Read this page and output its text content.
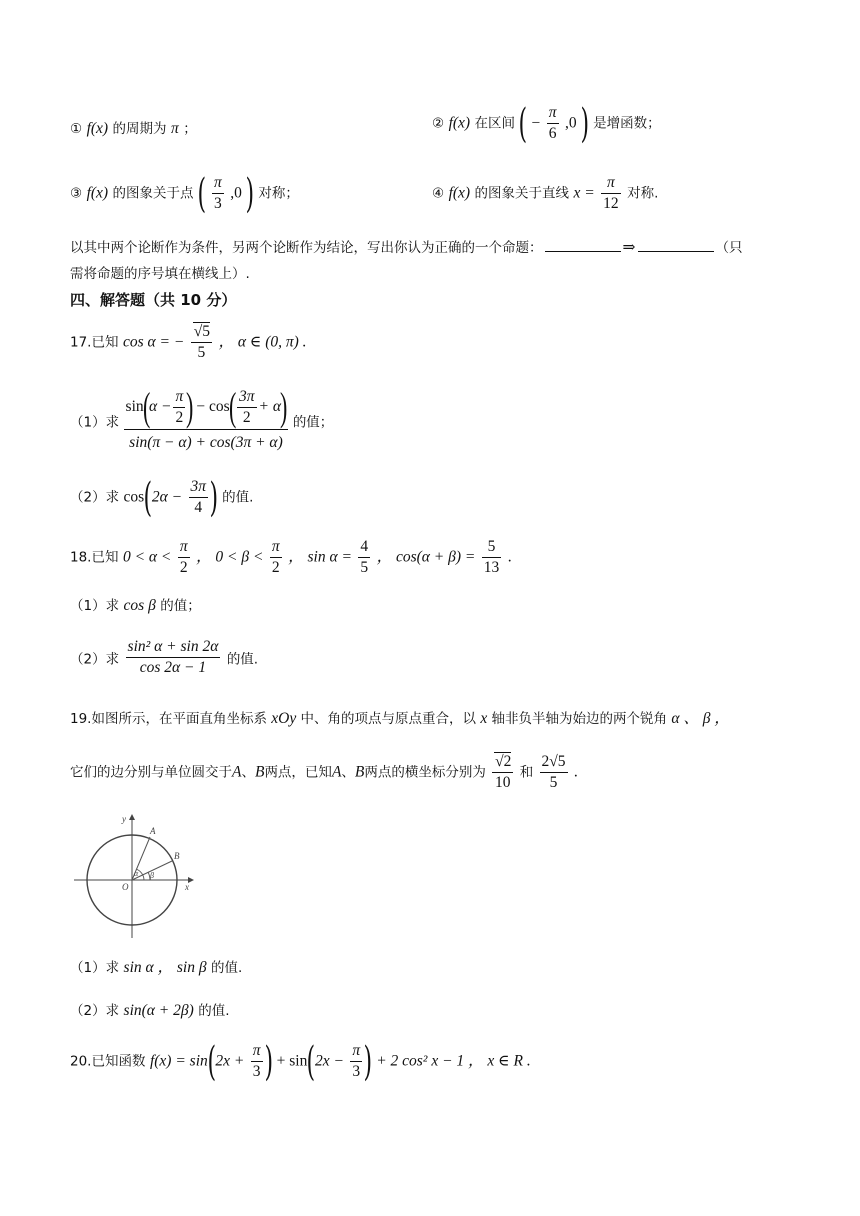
① f(x) 的周期为 π ；	② f(x) 在区间 ( − $\frac{\pi}{6} ,0$ ) 是增函数；
③ f(x) 的图象关于点 ( $\frac{\pi}{3} ,0$ ) 对称；	④ f(x) 的图象关于直线 $x = \frac{\pi}{12}$ 对称.
以其中两个论断作为条件，另两个论断作为结论，写出你认为正确的一个命题：	⇒	（只
需将命题的序号填在横线上）.
四、解答题（共 10 分）
17.已知 cos α = − $\frac{√5}{5}$ ， α ∈ (0, π) .
（1）求 $\frac{\sin(\alpha - \frac{\pi}{2} ) - \cos( \frac{3\pi}{2} + \alpha)}{\sin(\pi - \alpha) + \cos(3\pi + \alpha)}$ 的值；
（2）求 $\cos(2\alpha - \frac{3\pi}{4}$ ) 的值.
18.已知 $0 < \alpha < \frac{\pi}{2}$ ， $0 < \beta < \frac{\pi}{2}$ ， $\sin \alpha = \frac{4}{5}$ ， $\cos(\alpha + \beta) = \frac{5}{13}$ .
（1）求 cos β 的值；
（2）求 $\frac{\text{sin² α + sin 2α}}{\cos 2\alpha - 1}$ 的值.
19.如图所示，在平面直角坐标系 xOy 中、角的项点与原点重合，以 x 轴非负半轴为始边的两个锐角 α 、 β ，
它们的边分别与单位圆交于A、B两点，已知A、B两点的横坐标分别为 $\frac{√2}{10}$ 和 $\frac{2√5}{5}$ .
y
A
B
O	x
α β
（1）求 sin α ， sin β 的值.
（2）求 sin(α + 2β) 的值.
20.已知函数 $f(x) = \sin(2x + \frac{\pi}{3}$ ) + $\sin(2x - \frac{\pi}{3}$ ) + 2 cos² x − 1 ， x ∈ R .
